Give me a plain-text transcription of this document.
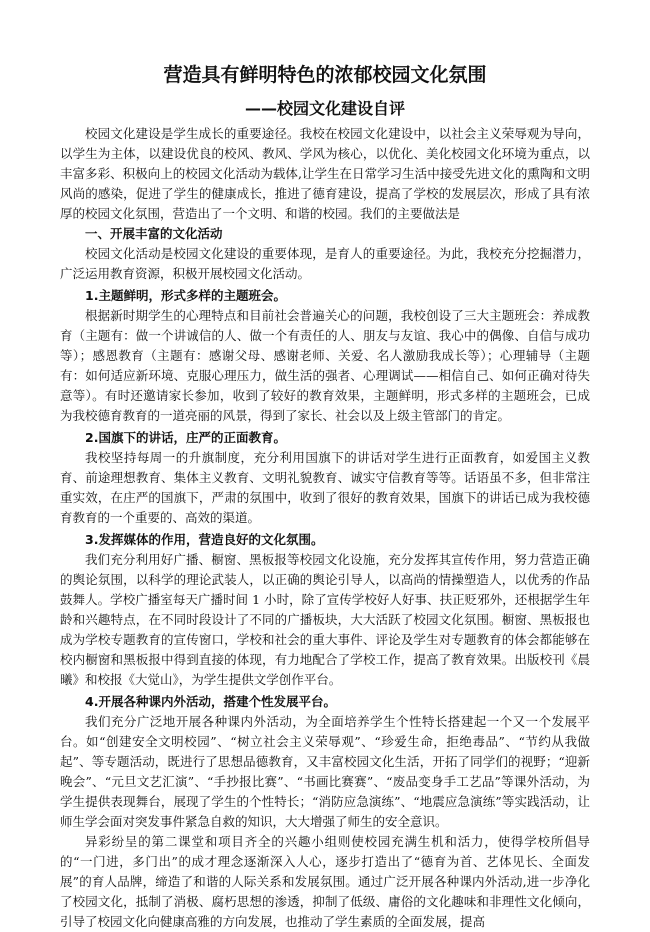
营造具有鲜明特色的浓郁校园文化氛围
——校园文化建设自评

校园文化建设是学生成长的重要途径。我校在校园文化建设中，以社会主义荣辱观为导向，以学生为主体，以建设优良的校风、教风、学风为核心，以优化、美化校园文化环境为重点，以丰富多彩、积极向上的校园文化活动为载体,让学生在日常学习生活中接受先进文化的熏陶和文明风尚的感染，促进了学生的健康成长，推进了德育建设，提高了学校的发展层次，形成了具有浓厚的校园文化氛围，营造出了一个文明、和谐的校园。我们的主要做法是

一、开展丰富的文化活动

校园文化活动是校园文化建设的重要体现，是育人的重要途径。为此，我校充分挖掘潜力，广泛运用教育资源，积极开展校园文化活动。

1.主题鲜明，形式多样的主题班会。

根据新时期学生的心理特点和目前社会普遍关心的问题，我校创设了三大主题班会：养成教育（主题有：做一个讲诚信的人、做一个有责任的人、朋友与友谊、我心中的偶像、自信与成功等）；感恩教育（主题有：感谢父母、感谢老师、关爱、名人激励我成长等）；心理辅导（主题有：如何适应新环境、克服心理压力，做生活的强者、心理调试——相信自己、如何正确对待失意等）。有时还邀请家长参加，收到了较好的教育效果，主题鲜明，形式多样的主题班会，已成为我校德育教育的一道亮丽的风景，得到了家长、社会以及上级主管部门的肯定。

2.国旗下的讲话，庄严的正面教育。

我校坚持每周一的升旗制度，充分利用国旗下的讲话对学生进行正面教育，如爱国主义教育、前途理想教育、集体主义教育、文明礼貌教育、诚实守信教育等等。话语虽不多，但非常注重实效，在庄严的国旗下，严肃的氛围中，收到了很好的教育效果，国旗下的讲话已成为我校德育教育的一个重要的、高效的渠道。

3.发挥媒体的作用，营造良好的文化氛围。

我们充分利用好广播、橱窗、黑板报等校园文化设施，充分发挥其宣传作用，努力营造正确的舆论氛围，以科学的理论武装人，以正确的舆论引导人，以高尚的情操塑造人，以优秀的作品鼓舞人。学校广播室每天广播时间 1 小时，除了宣传学校好人好事、扶正贬邪外，还根据学生年龄和兴趣特点，在不同时段设计了不同的广播板块，大大活跃了校园文化氛围。橱窗、黑板报也成为学校专题教育的宣传窗口，学校和社会的重大事件、评论及学生对专题教育的体会都能够在校内橱窗和黑板报中得到直接的体现，有力地配合了学校工作，提高了教育效果。出版校刊《晨曦》和校报《大觉山》，为学生提供文学创作平台。

4.开展各种课内外活动，搭建个性发展平台。

我们充分广泛地开展各种课内外活动，为全面培养学生个性特长搭建起一个又一个发展平台。如“创建安全文明校园”、“树立社会主义荣辱观”、“珍爱生命，拒绝毒品”、“节约从我做起”、等专题活动，既进行了思想品德教育，又丰富校园文化生活，开拓了同学们的视野；“迎新晚会”、“元旦文艺汇演”、“手抄报比赛”、“书画比赛赛”、“废品变身手工艺品”等课外活动，为学生提供表现舞台，展现了学生的个性特长；“消防应急演练”、“地震应急演练”等实践活动，让师生学会面对突发事件紧急自救的知识，大大增强了师生的安全意识。

异彩纷呈的第二课堂和项目齐全的兴趣小组则使校园充满生机和活力，使得学校所倡导的“一门进，多门出”的成才理念逐渐深入人心，逐步打造出了“德育为首、艺体见长、全面发展”的育人品牌，缔造了和谐的人际关系和发展氛围。通过广泛开展各种课内外活动,进一步净化了校园文化，抵制了消极、腐朽思想的渗透，抑制了低级、庸俗的文化趣味和非理性文化倾向，引导了校园文化向健康高雅的方向发展，也推动了学生素质的全面发展，提高
